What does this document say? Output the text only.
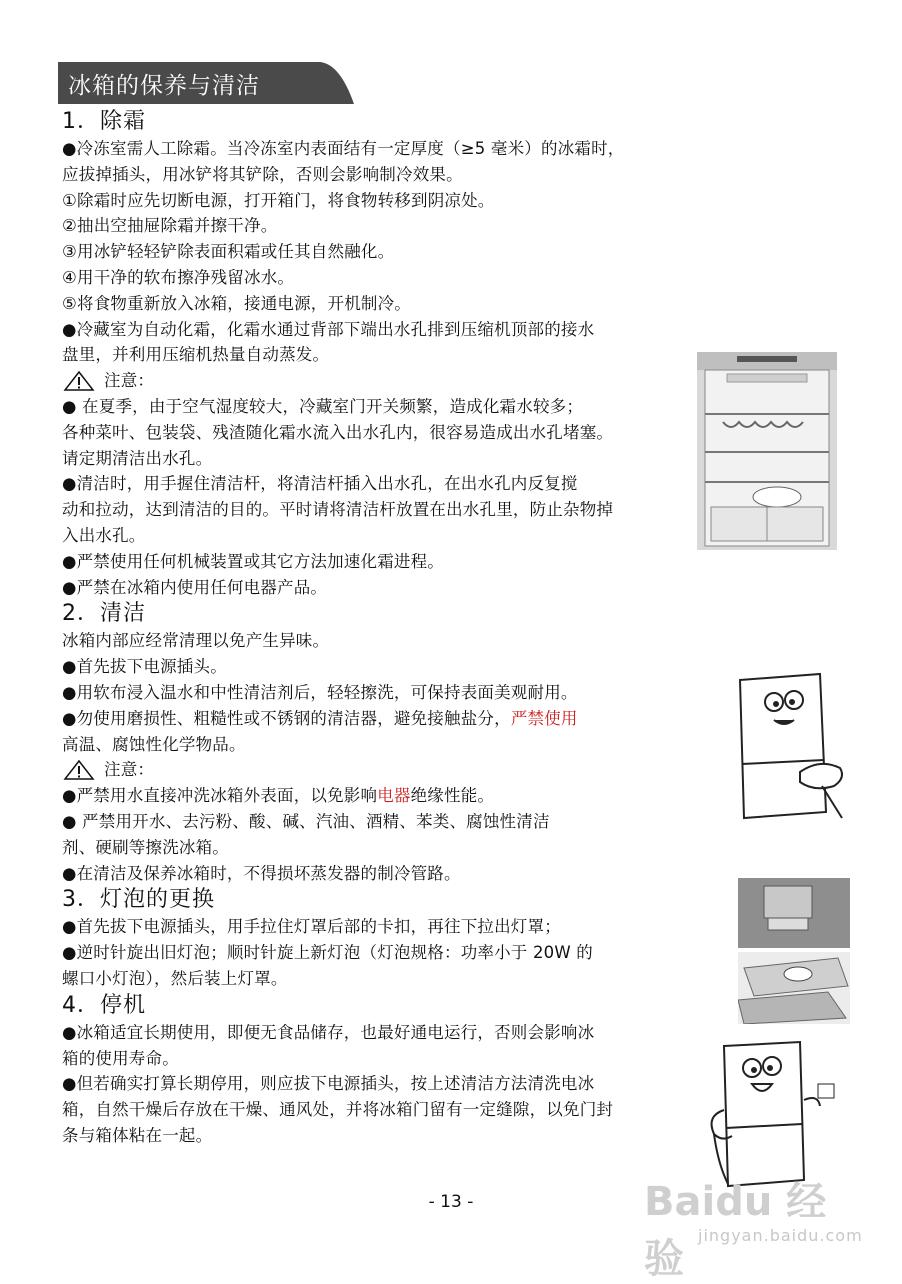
冰箱的保养与清洁
1．除霜
●冷冻室需人工除霜。当冷冻室内表面结有一定厚度（≥5 毫米）的冰霜时，
应拔掉插头，用冰铲将其铲除，否则会影响制冷效果。
①除霜时应先切断电源，打开箱门，将食物转移到阴凉处。
②抽出空抽屉除霜并擦干净。
③用冰铲轻轻铲除表面积霜或任其自然融化。
④用干净的软布擦净残留冰水。
⑤将食物重新放入冰箱，接通电源，开机制冷。
●冷藏室为自动化霜，化霜水通过背部下端出水孔排到压缩机顶部的接水
盘里，并利用压缩机热量自动蒸发。
注意：
● 在夏季，由于空气湿度较大，冷藏室门开关频繁，造成化霜水较多；
各种菜叶、包装袋、残渣随化霜水流入出水孔内，很容易造成出水孔堵塞。
请定期清洁出水孔。
●清洁时，用手握住清洁杆，将清洁杆插入出水孔，在出水孔内反复搅
动和拉动，达到清洁的目的。平时请将清洁杆放置在出水孔里，防止杂物掉
入出水孔。
●严禁使用任何机械装置或其它方法加速化霜进程。
●严禁在冰箱内使用任何电器产品。
2．清洁
冰箱内部应经常清理以免产生异味。
●首先拔下电源插头。
●用软布浸入温水和中性清洁剂后，轻轻擦洗，可保持表面美观耐用。
●勿使用磨损性、粗糙性或不锈钢的清洁器，避免接触盐分，严禁使用
高温、腐蚀性化学物品。
注意：
●严禁用水直接冲洗冰箱外表面，以免影响电器绝缘性能。
● 严禁用开水、去污粉、酸、碱、汽油、酒精、苯类、腐蚀性清洁
剂、硬刷等擦洗冰箱。
●在清洁及保养冰箱时，不得损坏蒸发器的制冷管路。
3．灯泡的更换
●首先拔下电源插头，用手拉住灯罩后部的卡扣，再往下拉出灯罩；
●逆时针旋出旧灯泡；顺时针旋上新灯泡（灯泡规格：功率小于 20W 的
螺口小灯泡），然后装上灯罩。
4．停机
●冰箱适宜长期使用，即便无食品储存，也最好通电运行，否则会影响冰
箱的使用寿命。
●但若确实打算长期停用，则应拔下电源插头，按上述清洁方法清洗电冰
箱，自然干燥后存放在干燥、通风处，并将冰箱门留有一定缝隙，以免门封
条与箱体粘在一起。
- 13 -	Baidu 经验
jingyan.baidu.com
